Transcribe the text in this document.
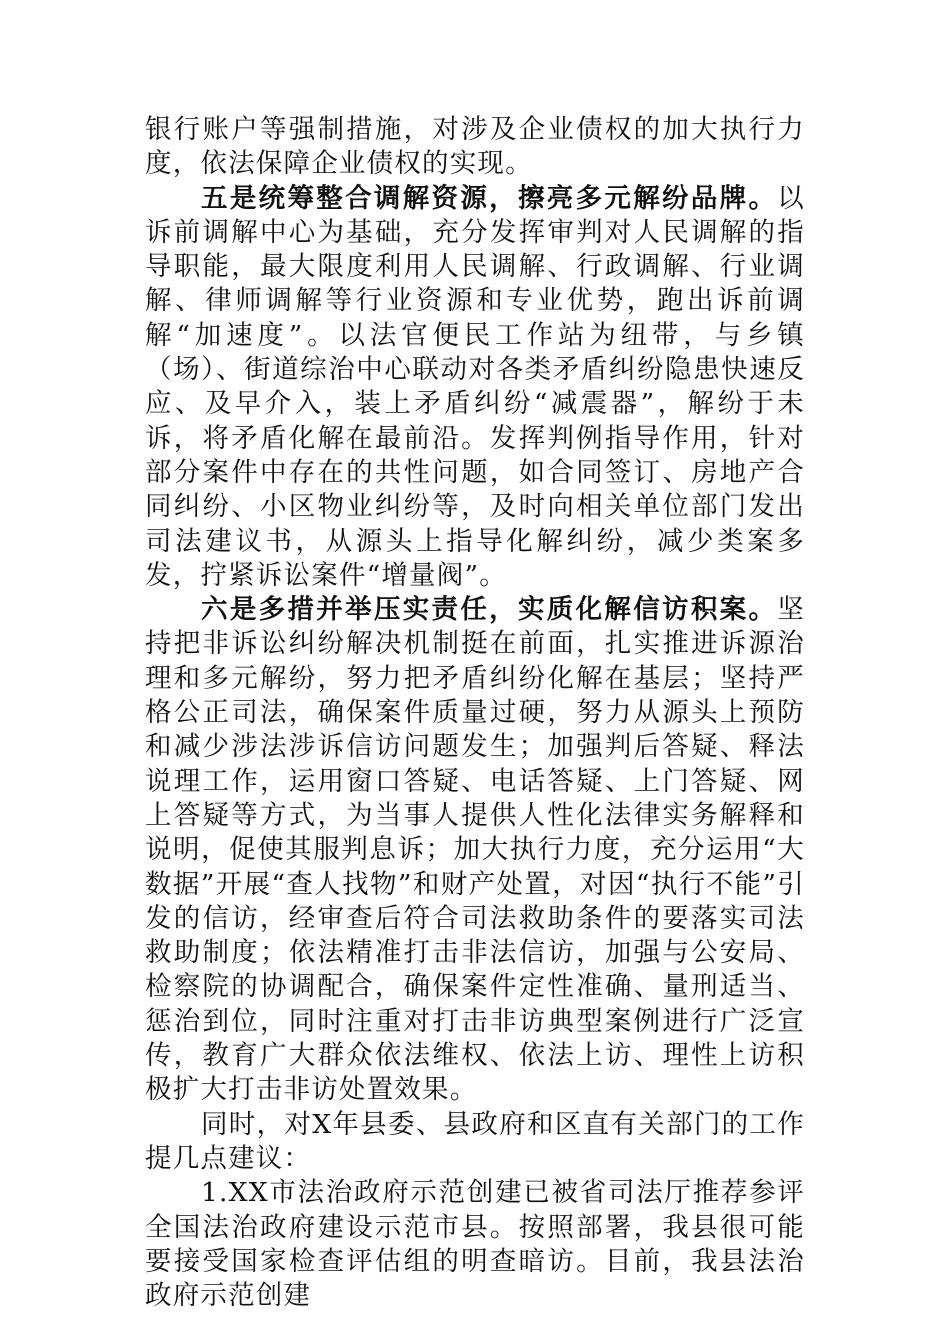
银行账户等强制措施，对涉及企业债权的加大执行力度，依法保障企业债权的实现。

五是统筹整合调解资源，擦亮多元解纷品牌。以诉前调解中心为基础，充分发挥审判对人民调解的指导职能，最大限度利用人民调解、行政调解、行业调解、律师调解等行业资源和专业优势，跑出诉前调解“加速度”。以法官便民工作站为纽带，与乡镇（场）、街道综治中心联动对各类矛盾纠纷隐患快速反应、及早介入，装上矛盾纠纷“减震器”，解纷于未诉，将矛盾化解在最前沿。发挥判例指导作用，针对部分案件中存在的共性问题，如合同签订、房地产合同纠纷、小区物业纠纷等，及时向相关单位部门发出司法建议书，从源头上指导化解纠纷，减少类案多发，拧紧诉讼案件“增量阀”。

六是多措并举压实责任，实质化解信访积案。坚持把非诉讼纠纷解决机制挺在前面，扎实推进诉源治理和多元解纷，努力把矛盾纠纷化解在基层；坚持严格公正司法，确保案件质量过硬，努力从源头上预防和减少涉法涉诉信访问题发生；加强判后答疑、释法说理工作，运用窗口答疑、电话答疑、上门答疑、网上答疑等方式，为当事人提供人性化法律实务解释和说明，促使其服判息诉；加大执行力度，充分运用“大数据”开展“查人找物”和财产处置，对因“执行不能”引发的信访，经审查后符合司法救助条件的要落实司法救助制度；依法精准打击非法信访，加强与公安局、检察院的协调配合，确保案件定性准确、量刑适当、惩治到位，同时注重对打击非访典型案例进行广泛宣传，教育广大群众依法维权、依法上访、理性上访积极扩大打击非访处置效果。

同时，对X年县委、县政府和区直有关部门的工作提几点建议：

1.XX市法治政府示范创建已被省司法厅推荐参评全国法治政府建设示范市县。按照部署，我县很可能要接受国家检查评估组的明查暗访。目前，我县法治政府示范创建
